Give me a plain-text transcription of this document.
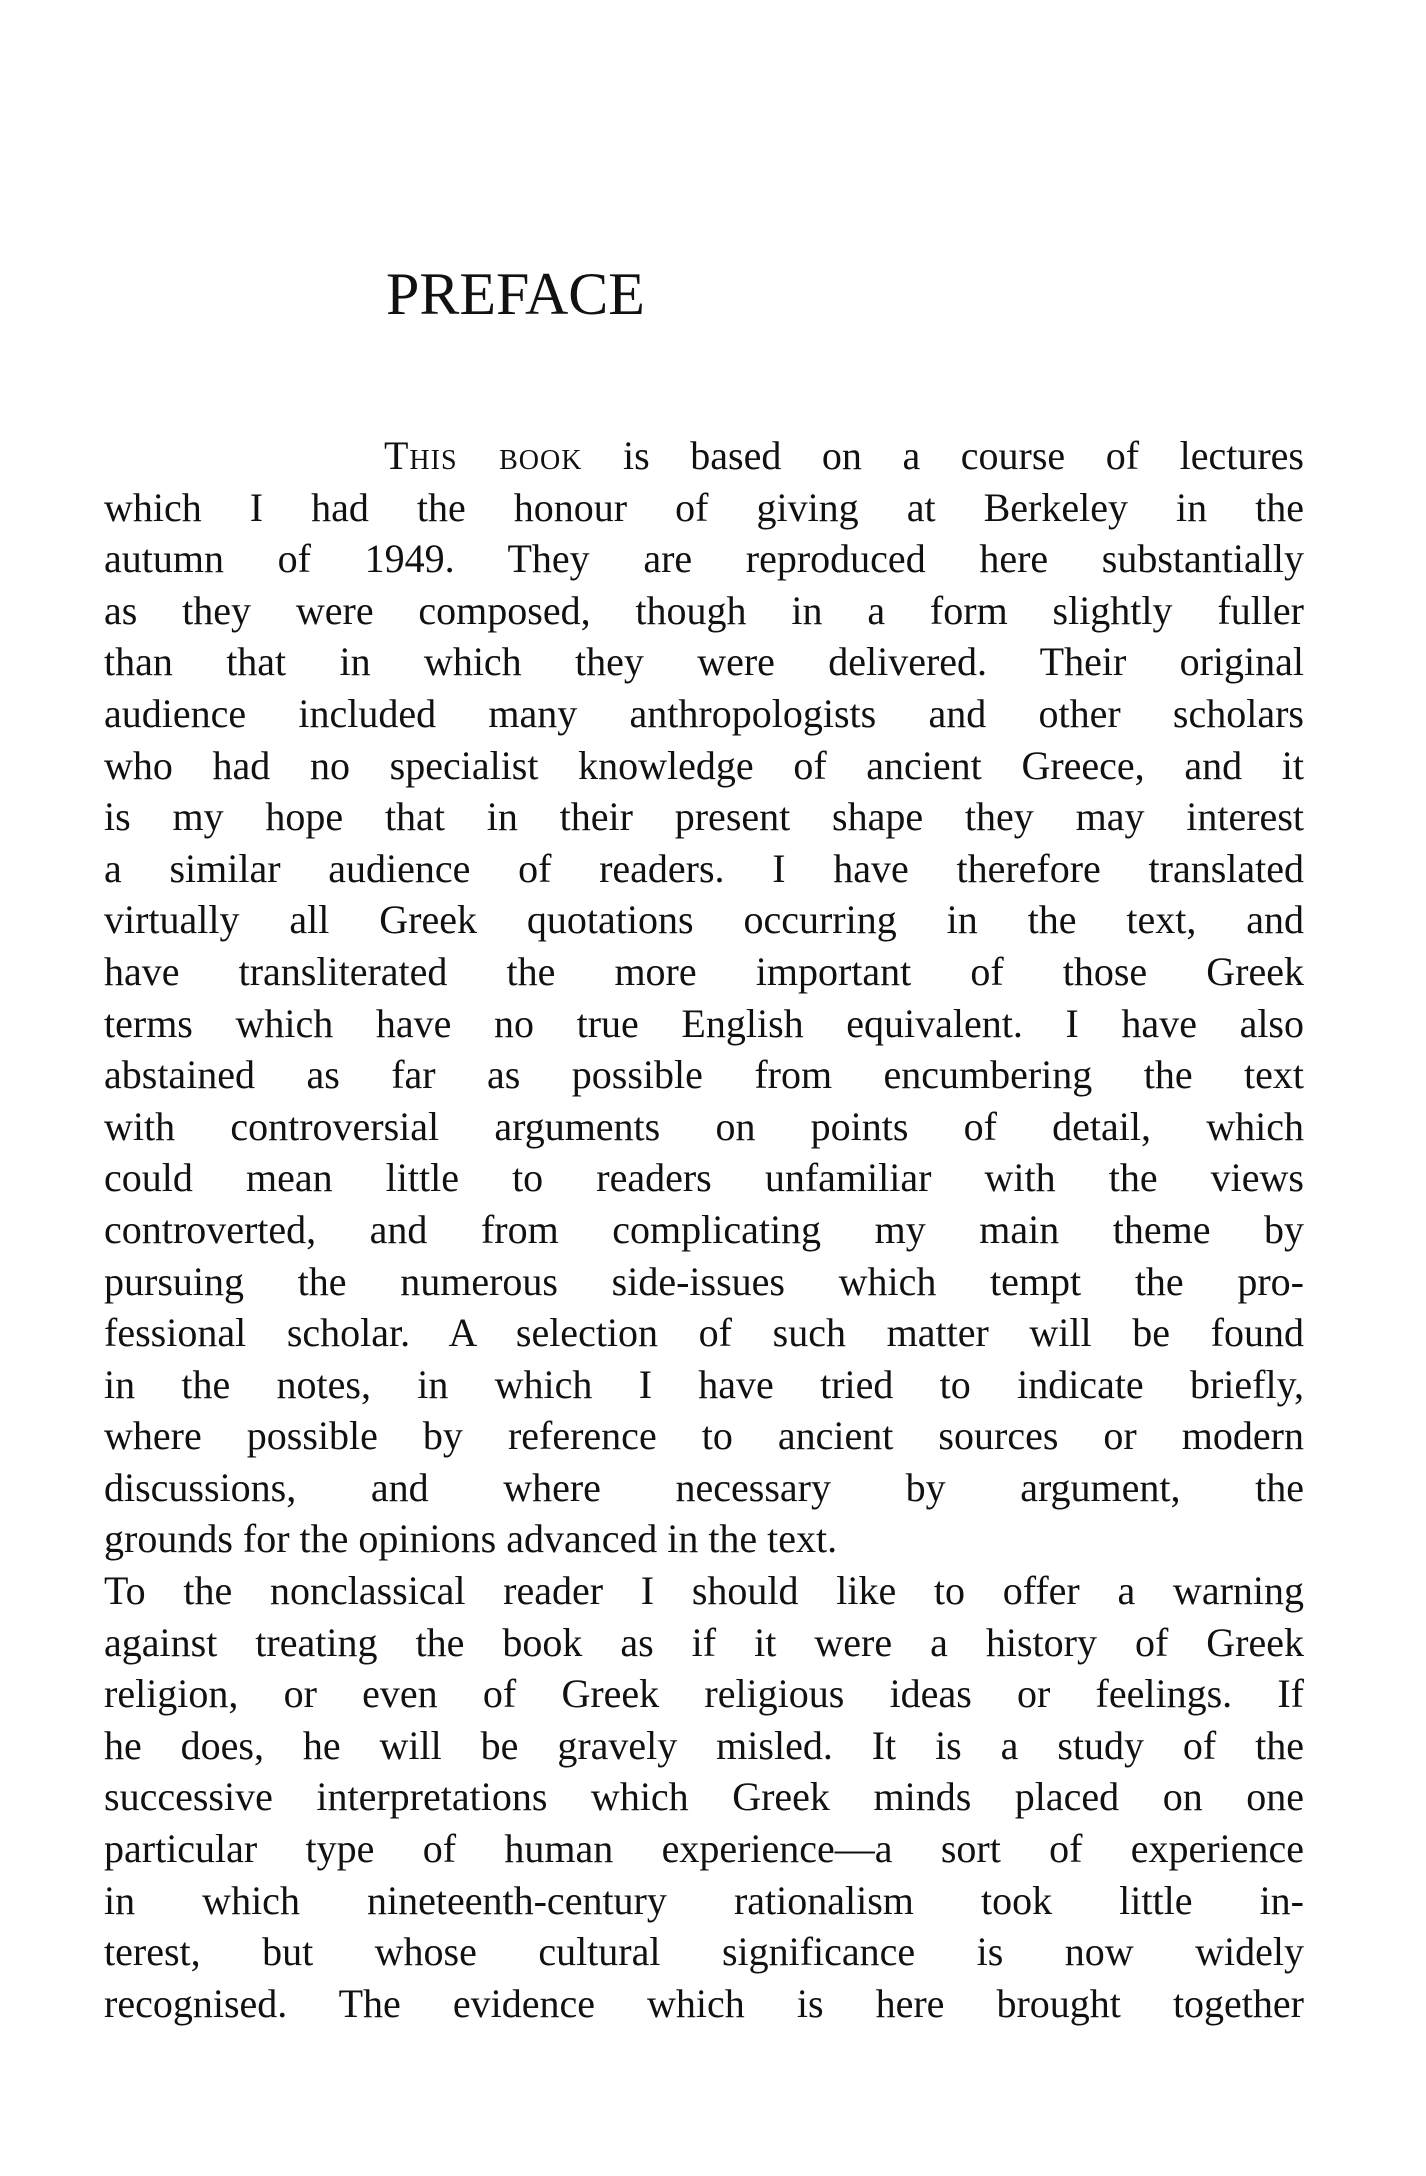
PREFACE
This book is based on a course of lectures
which I had the honour of giving at Berkeley in the
autumn of 1949. They are reproduced here substantially
as they were composed, though in a form slightly fuller
than that in which they were delivered. Their original
audience included many anthropologists and other scholars
who had no specialist knowledge of ancient Greece, and it
is my hope that in their present shape they may interest
a similar audience of readers. I have therefore translated
virtually all Greek quotations occurring in the text, and
have transliterated the more important of those Greek
terms which have no true English equivalent. I have also
abstained as far as possible from encumbering the text
with controversial arguments on points of detail, which
could mean little to readers unfamiliar with the views
controverted, and from complicating my main theme by
pursuing the numerous side-issues which tempt the pro-
fessional scholar. A selection of such matter will be found
in the notes, in which I have tried to indicate briefly,
where possible by reference to ancient sources or modern
discussions, and where necessary by argument, the
grounds for the opinions advanced in the text.
To the nonclassical reader I should like to offer a warning
against treating the book as if it were a history of Greek
religion, or even of Greek religious ideas or feelings. If
he does, he will be gravely misled. It is a study of the
successive interpretations which Greek minds placed on one
particular type of human experience—a sort of experience
in which nineteenth-century rationalism took little in-
terest, but whose cultural significance is now widely
recognised. The evidence which is here brought together
